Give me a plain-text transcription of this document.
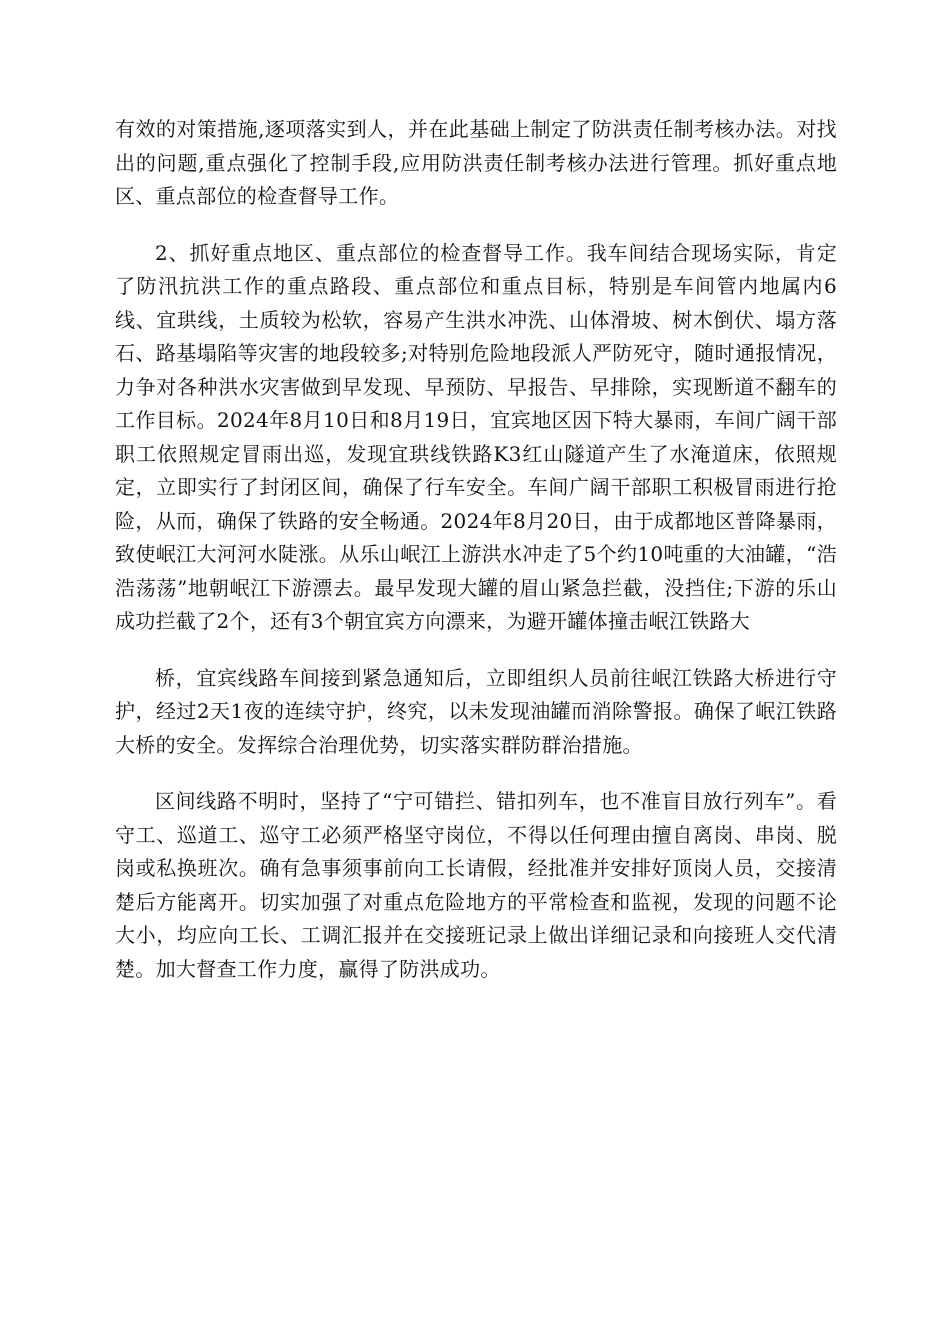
有效的对策措施,逐项落实到人，并在此基础上制定了防洪责任制考核办法。对找出的问题,重点强化了控制手段,应用防洪责任制考核办法进行管理。抓好重点地区、重点部位的检查督导工作。

2、抓好重点地区、重点部位的检查督导工作。我车间结合现场实际，肯定了防汛抗洪工作的重点路段、重点部位和重点目标，特别是车间管内地属内6线、宜珙线，土质较为松软，容易产生洪水冲洗、山体滑坡、树木倒伏、塌方落石、路基塌陷等灾害的地段较多;对特别危险地段派人严防死守，随时通报情况，力争对各种洪水灾害做到早发现、早预防、早报告、早排除，实现断道不翻车的工作目标。2024年8月10日和8月19日，宜宾地区因下特大暴雨，车间广阔干部职工依照规定冒雨出巡，发现宜珙线铁路K3红山隧道产生了水淹道床，依照规定，立即实行了封闭区间，确保了行车安全。车间广阔干部职工积极冒雨进行抢险，从而，确保了铁路的安全畅通。2024年8月20日，由于成都地区普降暴雨，致使岷江大河河水陡涨。从乐山岷江上游洪水冲走了5个约10吨重的大油罐，“浩浩荡荡”地朝岷江下游漂去。最早发现大罐的眉山紧急拦截，没挡住;下游的乐山成功拦截了2个，还有3个朝宜宾方向漂来，为避开罐体撞击岷江铁路大

桥，宜宾线路车间接到紧急通知后，立即组织人员前往岷江铁路大桥进行守护，经过2天1夜的连续守护，终究，以未发现油罐而消除警报。确保了岷江铁路大桥的安全。发挥综合治理优势，切实落实群防群治措施。

区间线路不明时，坚持了“宁可错拦、错扣列车，也不准盲目放行列车”。看守工、巡道工、巡守工必须严格坚守岗位，不得以任何理由擅自离岗、串岗、脱岗或私换班次。确有急事须事前向工长请假，经批准并安排好顶岗人员，交接清楚后方能离开。切实加强了对重点危险地方的平常检查和监视，发现的问题不论大小，均应向工长、工调汇报并在交接班记录上做出详细记录和向接班人交代清楚。加大督查工作力度，赢得了防洪成功。
